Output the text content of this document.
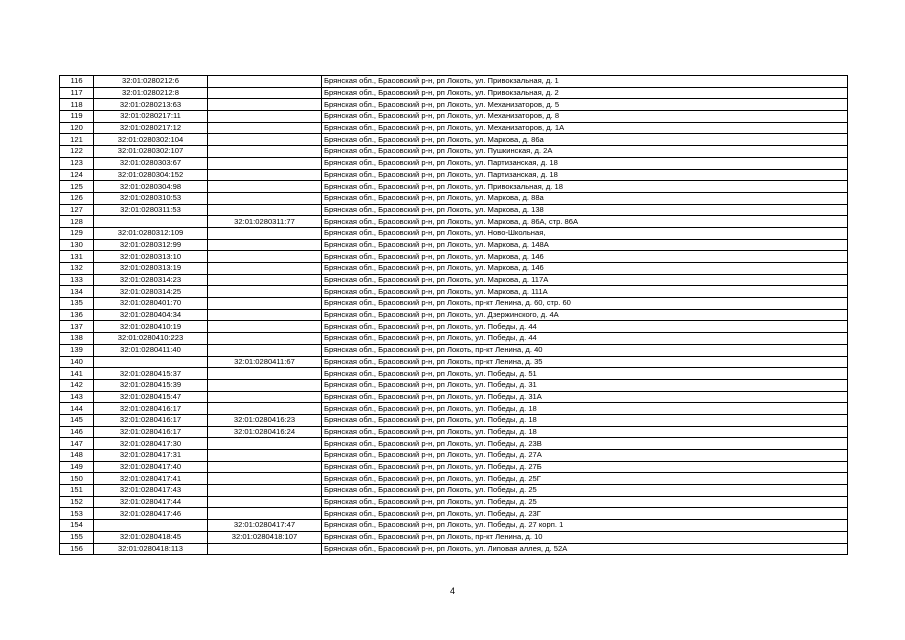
116	32:01:0280212:6		Брянская обл., Брасовский р-н, рп Локоть, ул. Привокзальная, д. 1
117	32:01:0280212:8		Брянская обл., Брасовский р-н, рп Локоть, ул. Привокзальная, д. 2
118	32:01:0280213:63		Брянская обл., Брасовский р-н, рп Локоть, ул. Механизаторов, д. 5
119	32:01:0280217:11		Брянская обл., Брасовский р-н, рп Локоть, ул. Механизаторов, д. 8
120	32:01:0280217:12		Брянская обл., Брасовский р-н, рп Локоть, ул. Механизаторов, д. 1А
121	32:01:0280302:104		Брянская обл., Брасовский р-н, рп Локоть, ул. Маркова, д. 86а
122	32:01:0280302:107		Брянская обл., Брасовский р-н, рп Локоть, ул. Пушкинская, д. 2А
123	32:01:0280303:67		Брянская обл., Брасовский р-н, рп Локоть, ул. Партизанская, д. 18
124	32:01:0280304:152		Брянская обл., Брасовский р-н, рп Локоть, ул. Партизанская, д. 18
125	32:01:0280304:98		Брянская обл., Брасовский р-н, рп Локоть, ул. Привокзальная, д. 18
126	32:01:0280310:53		Брянская обл., Брасовский р-н, рп Локоть, ул. Маркова, д. 88а
127	32:01:0280311:53		Брянская обл., Брасовский р-н, рп Локоть, ул. Маркова, д. 138
128		32:01:0280311:77	Брянская обл., Брасовский р-н, рп Локоть, ул. Маркова, д. 86А, стр. 86А
129	32:01:0280312:109		Брянская обл., Брасовский р-н, рп Локоть, ул. Ново-Школьная,
130	32:01:0280312:99		Брянская обл., Брасовский р-н, рп Локоть, ул. Маркова, д. 148А
131	32:01:0280313:10		Брянская обл., Брасовский р-н, рп Локоть, ул. Маркова, д. 146
132	32:01:0280313:19		Брянская обл., Брасовский р-н, рп Локоть, ул. Маркова, д. 146
133	32:01:0280314:23		Брянская обл., Брасовский р-н, рп Локоть, ул. Маркова, д. 117А
134	32:01:0280314:25		Брянская обл., Брасовский р-н, рп Локоть, ул. Маркова, д. 111А
135	32:01:0280401:70		Брянская обл., Брасовский р-н, рп Локоть, пр-кт Ленина, д. 60, стр. 60
136	32:01:0280404:34		Брянская обл., Брасовский р-н, рп Локоть, ул. Дзержинского, д. 4А
137	32:01:0280410:19		Брянская обл., Брасовский р-н, рп Локоть, ул. Победы, д. 44
138	32:01:0280410:223		Брянская обл., Брасовский р-н, рп Локоть, ул. Победы, д. 44
139	32:01:0280411:40		Брянская обл., Брасовский р-н, рп Локоть, пр-кт Ленина, д. 40
140		32:01:0280411:67	Брянская обл., Брасовский р-н, рп Локоть, пр-кт Ленина, д. 35
141	32:01:0280415:37		Брянская обл., Брасовский р-н, рп Локоть, ул. Победы, д. 51
142	32:01:0280415:39		Брянская обл., Брасовский р-н, рп Локоть, ул. Победы, д. 31
143	32:01:0280415:47		Брянская обл., Брасовский р-н, рп Локоть, ул. Победы, д. 31А
144	32:01:0280416:17		Брянская обл., Брасовский р-н, рп Локоть, ул. Победы, д. 18
145	32:01:0280416:17	32:01:0280416:23	Брянская обл., Брасовский р-н, рп Локоть, ул. Победы, д. 18
146	32:01:0280416:17	32:01:0280416:24	Брянская обл., Брасовский р-н, рп Локоть, ул. Победы, д. 18
147	32:01:0280417:30		Брянская обл., Брасовский р-н, рп Локоть, ул. Победы, д. 23В
148	32:01:0280417:31		Брянская обл., Брасовский р-н, рп Локоть, ул. Победы, д. 27А
149	32:01:0280417:40		Брянская обл., Брасовский р-н, рп Локоть, ул. Победы, д. 27Б
150	32:01:0280417:41		Брянская обл., Брасовский р-н, рп Локоть, ул. Победы, д. 25Г
151	32:01:0280417:43		Брянская обл., Брасовский р-н, рп Локоть, ул. Победы, д. 25
152	32:01:0280417:44		Брянская обл., Брасовский р-н, рп Локоть, ул. Победы, д. 25
153	32:01:0280417:46		Брянская обл., Брасовский р-н, рп Локоть, ул. Победы, д. 23Г
154		32:01:0280417:47	Брянская обл., Брасовский р-н, рп Локоть, ул. Победы, д. 27 корп. 1
155	32:01:0280418:45	32:01:0280418:107	Брянская обл., Брасовский р-н, рп Локоть, пр-кт Ленина, д. 10
156	32:01:0280418:113		Брянская обл., Брасовский р-н, рп Локоть, ул. Липовая аллея, д. 52А
4
